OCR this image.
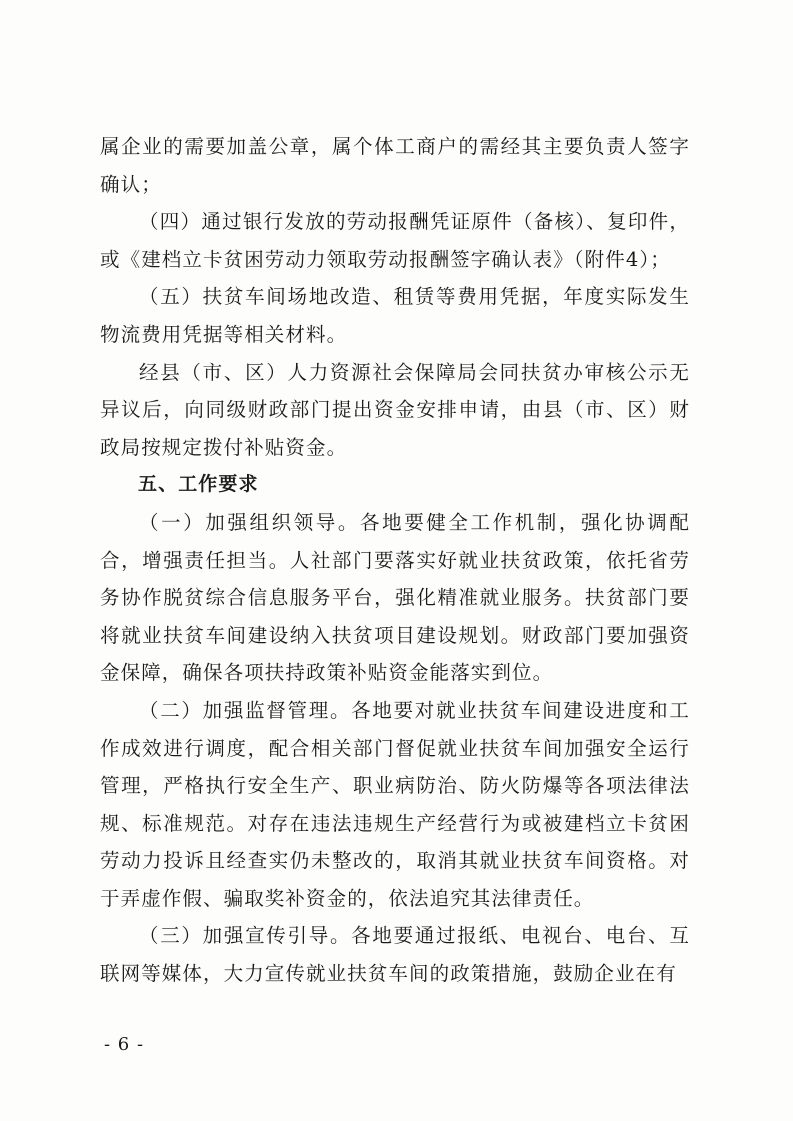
属企业的需要加盖公章，属个体工商户的需经其主要负责人签字确认；

（四）通过银行发放的劳动报酬凭证原件（备核）、复印件，或《建档立卡贫困劳动力领取劳动报酬签字确认表》（附件4）；

（五）扶贫车间场地改造、租赁等费用凭据，年度实际发生物流费用凭据等相关材料。

经县（市、区）人力资源社会保障局会同扶贫办审核公示无异议后，向同级财政部门提出资金安排申请，由县（市、区）财政局按规定拨付补贴资金。

五、工作要求

（一）加强组织领导。各地要健全工作机制，强化协调配合，增强责任担当。人社部门要落实好就业扶贫政策，依托省劳务协作脱贫综合信息服务平台，强化精准就业服务。扶贫部门要将就业扶贫车间建设纳入扶贫项目建设规划。财政部门要加强资金保障，确保各项扶持政策补贴资金能落实到位。

（二）加强监督管理。各地要对就业扶贫车间建设进度和工作成效进行调度，配合相关部门督促就业扶贫车间加强安全运行管理，严格执行安全生产、职业病防治、防火防爆等各项法律法规、标准规范。对存在违法违规生产经营行为或被建档立卡贫困劳动力投诉且经查实仍未整改的，取消其就业扶贫车间资格。对于弄虚作假、骗取奖补资金的，依法追究其法律责任。

（三）加强宣传引导。各地要通过报纸、电视台、电台、互联网等媒体，大力宣传就业扶贫车间的政策措施，鼓励企业在有

- 6 -
